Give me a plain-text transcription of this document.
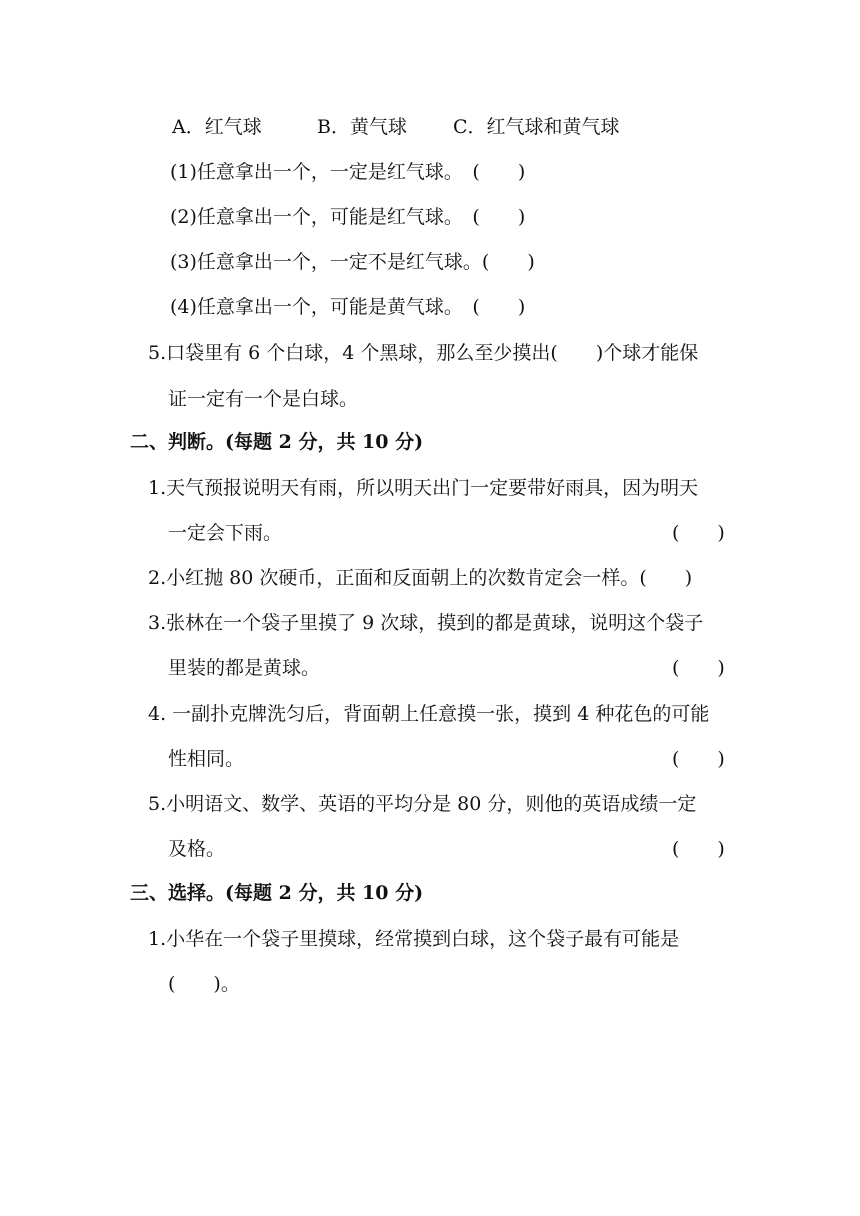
A．红气球	B．黄气球 C．红气球和黄气球
(1)任意拿出一个，一定是红气球。　(　　)
(2)任意拿出一个，可能是红气球。　(　　)
(3)任意拿出一个，一定不是红气球。(　　)
(4)任意拿出一个，可能是黄气球。　(　　)
5.口袋里有 6 个白球，4 个黑球，那么至少摸出(　　)个球才能保
证一定有一个是白球。
二、判断。(每题 2 分，共 10 分)
1.天气预报说明天有雨，所以明天出门一定要带好雨具，因为明天
一定会下雨。	(　　)
2.小红抛 80 次硬币，正面和反面朝上的次数肯定会一样。(　　)
3.张林在一个袋子里摸了 9 次球，摸到的都是黄球，说明这个袋子
里装的都是黄球。	(　　)
4. 一副扑克牌洗匀后，背面朝上任意摸一张，摸到 4 种花色的可能
性相同。	(　　)
5.小明语文、数学、英语的平均分是 80 分，则他的英语成绩一定
及格。	(　　)
三、选择。(每题 2 分，共 10 分)
1.小华在一个袋子里摸球，经常摸到白球，这个袋子最有可能是
(　　)。
